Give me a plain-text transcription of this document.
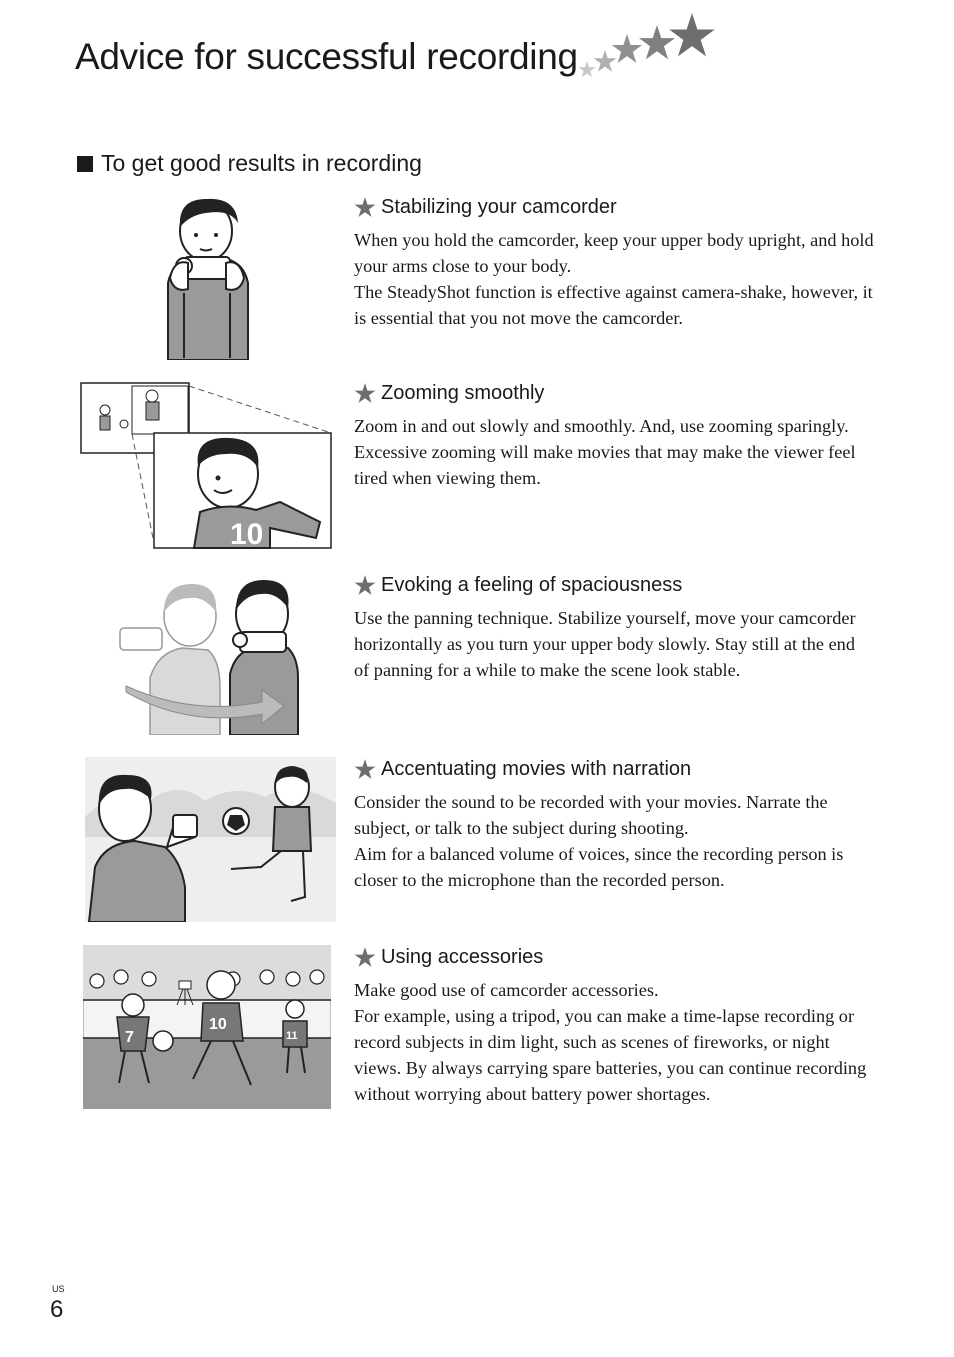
Advice for successful recording
To get good results in recording
10
7
10
11
Stabilizing your camcorder

When you hold the camcorder, keep your upper body upright, and hold your arms close to your body.

The SteadyShot function is effective against camera-shake, however, it is essential that you not move the camcorder.

Zooming smoothly

Zoom in and out slowly and smoothly. And, use zooming sparingly. Excessive zooming will make movies that may make the viewer feel tired when viewing them.

Evoking a feeling of spaciousness

Use the panning technique. Stabilize yourself, move your camcorder horizontally as you turn your upper body slowly. Stay still at the end of panning for a while to make the scene look stable.

Accentuating movies with narration

Consider the sound to be recorded with your movies. Narrate the subject, or talk to the subject during shooting.

Aim for a balanced volume of voices, since the recording person is closer to the microphone than the recorded person.

Using accessories

Make good use of camcorder accessories.

For example, using a tripod, you can make a time-lapse recording or record subjects in dim light, such as scenes of fireworks, or night views. By always carrying spare batteries, you can continue recording without worrying about battery power shortages.

US
6
